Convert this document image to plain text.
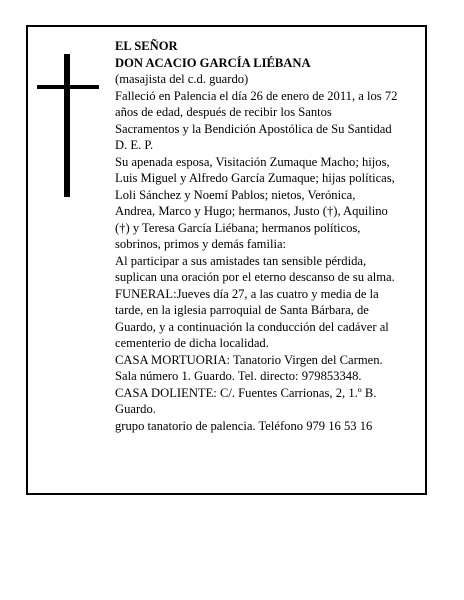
EL SEÑOR
DON ACACIO GARCÍA LIÉBANA
(masajista del c.d. guardo)
Falleció en Palencia el día 26 de enero de 2011, a los 72
años de edad, después de recibir los Santos
Sacramentos y la Bendición Apostólica de Su Santidad
D. E. P.
Su apenada esposa, Visitación Zumaque Macho; hijos,
Luis Miguel y Alfredo García Zumaque; hijas políticas,
Loli Sánchez y Noemí Pablos; nietos, Verónica,
Andrea, Marco y Hugo; hermanos, Justo (†), Aquilino
(†) y Teresa García Liébana; hermanos políticos,
sobrinos, primos y demás familia:
Al participar a sus amistades tan sensible pérdida,
suplican una oración por el eterno descanso de su alma.
FUNERAL:Jueves día 27, a las cuatro y media de la
tarde, en la iglesia parroquial de Santa Bárbara, de
Guardo, y a continuación la conducción del cadáver al
cementerio de dicha localidad.
CASA MORTUORIA: Tanatorio Virgen del Carmen.
Sala número 1. Guardo. Tel. directo: 979853348.
CASA DOLIENTE: C/. Fuentes Carrionas, 2, 1.º B.
Guardo.
grupo tanatorio de palencia. Teléfono 979 16 53 16
